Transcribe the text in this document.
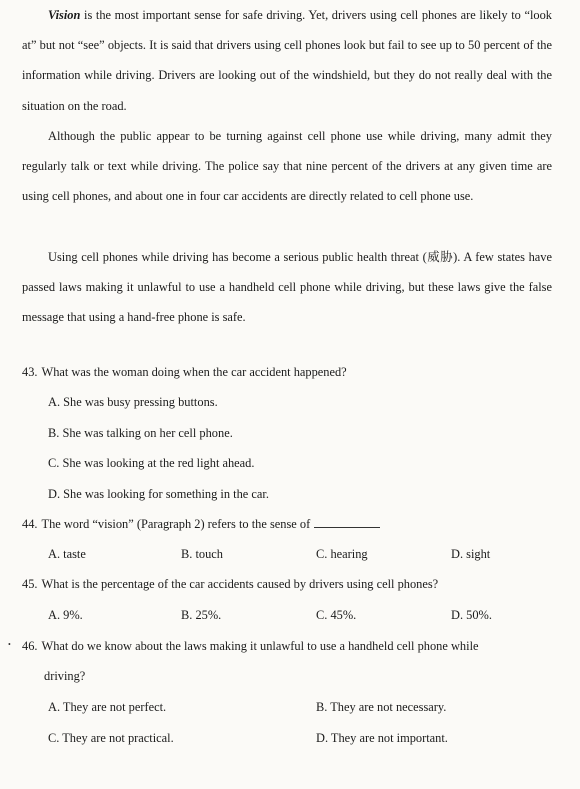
Vision is the most important sense for safe driving. Yet, drivers using cell phones are likely to “look at” but not “see” objects. It is said that drivers using cell phones look but fail to see up to 50 percent of the information while driving. Drivers are looking out of the windshield, but they do not really deal with the situation on the road.

Although the public appear to be turning against cell phone use while driving, many admit they regularly talk or text while driving. The police say that nine percent of the drivers at any given time are using cell phones, and about one in four car accidents are directly related to cell phone use.

Using cell phones while driving has become a serious public health threat (威胁). A few states have passed laws making it unlawful to use a handheld cell phone while driving, but these laws give the false message that using a hand-free phone is safe.

43. What was the woman doing when the car accident happened?
A. She was busy pressing buttons.
B. She was talking on her cell phone.
C. She was looking at the red light ahead.
D. She was looking for something in the car.
44. The word “vision” (Paragraph 2) refers to the sense of
A. taste	B. touch	C. hearing	D. sight
45. What is the percentage of the car accidents caused by drivers using cell phones?
A. 9%.	B. 25%.	C. 45%.	D. 50%.
• 46. What do we know about the laws making it unlawful to use a handheld cell phone while
driving?
A. They are not perfect.	B. They are not necessary.
C. They are not practical.	D. They are not important.
